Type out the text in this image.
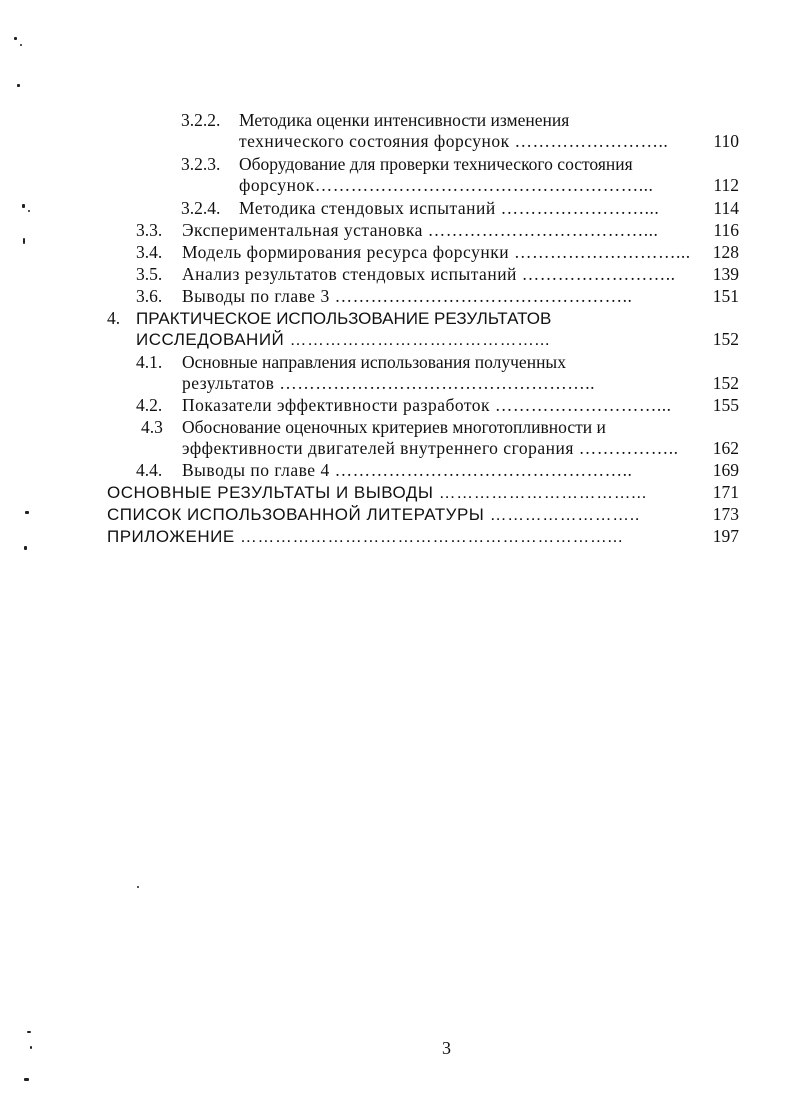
3.2.2. Методика оценки интенсивности изменения
технического состояния форсунок ……………………..	110
3.2.3. Оборудование для проверки технического состояния
форсунок………………………………………………...	112
3.2.4. Методика стендовых испытаний ……………………...	114
3.3. Экспериментальная установка ………………………………...	116
3.4. Модель формирования ресурса форсунки ………………………... 128
3.5. Анализ результатов стендовых испытаний …………………….. 139
3.6. Выводы по главе 3 …………………………………………..	151
4. ПРАКТИЧЕСКОЕ ИСПОЛЬЗОВАНИЕ РЕЗУЛЬТАТОВ
ИССЛЕДОВАНИЙ ……………………………………...	152
4.1. Основные направления использования полученных
результатов ……………………………………………..	152
4.2. Показатели эффективности разработок ………………………... 155
4.3 Обоснование оценочных критериев многотопливности и
эффективности двигателей внутреннего сгорания …………….. 162
4.4. Выводы по главе 4 …………………………………………..	169
ОСНОВНЫЕ РЕЗУЛЬТАТЫ И ВЫВОДЫ ……………………………...	171
СПИСОК ИСПОЛЬЗОВАННОЙ ЛИТЕРАТУРЫ ……………………..	173
ПРИЛОЖЕНИЕ ………………………………………………………...	197
3
